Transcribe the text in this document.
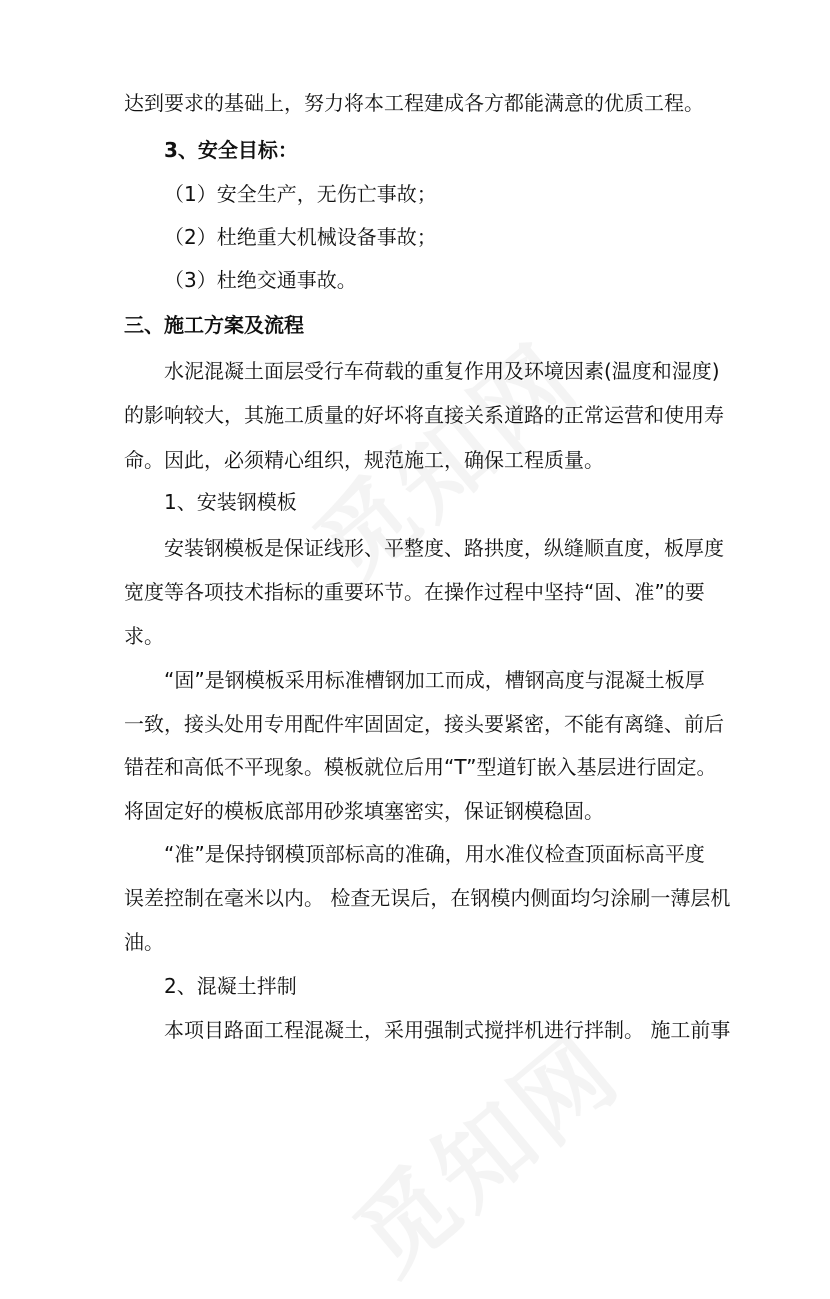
达到要求的基础上，努力将本工程建成各方都能满意的优质工程。
3、安全目标：
（1）安全生产，无伤亡事故；
（2）杜绝重大机械设备事故；
（3）杜绝交通事故。
三、施工方案及流程
水泥混凝土面层受行车荷载的重复作用及环境因素(温度和湿度)
的影响较大，其施工质量的好坏将直接关系道路的正常运营和使用寿
命。因此，必须精心组织，规范施工，确保工程质量。
1、安装钢模板
安装钢模板是保证线形、平整度、路拱度，纵缝顺直度，板厚度
宽度等各项技术指标的重要环节。在操作过程中坚持“固、准”的要
求。
“固”是钢模板采用标准槽钢加工而成，槽钢高度与混凝土板厚
一致，接头处用专用配件牢固固定，接头要紧密，不能有离缝、前后
错茬和高低不平现象。模板就位后用“T”型道钉嵌入基层进行固定。
将固定好的模板底部用砂浆填塞密实，保证钢模稳固。
“准”是保持钢模顶部标高的准确，用水准仪检查顶面标高平度
误差控制在毫米以内。 检查无误后，在钢模内侧面均匀涂刷一薄层机
油。
2、混凝土拌制
本项目路面工程混凝土，采用强制式搅拌机进行拌制。 施工前事
